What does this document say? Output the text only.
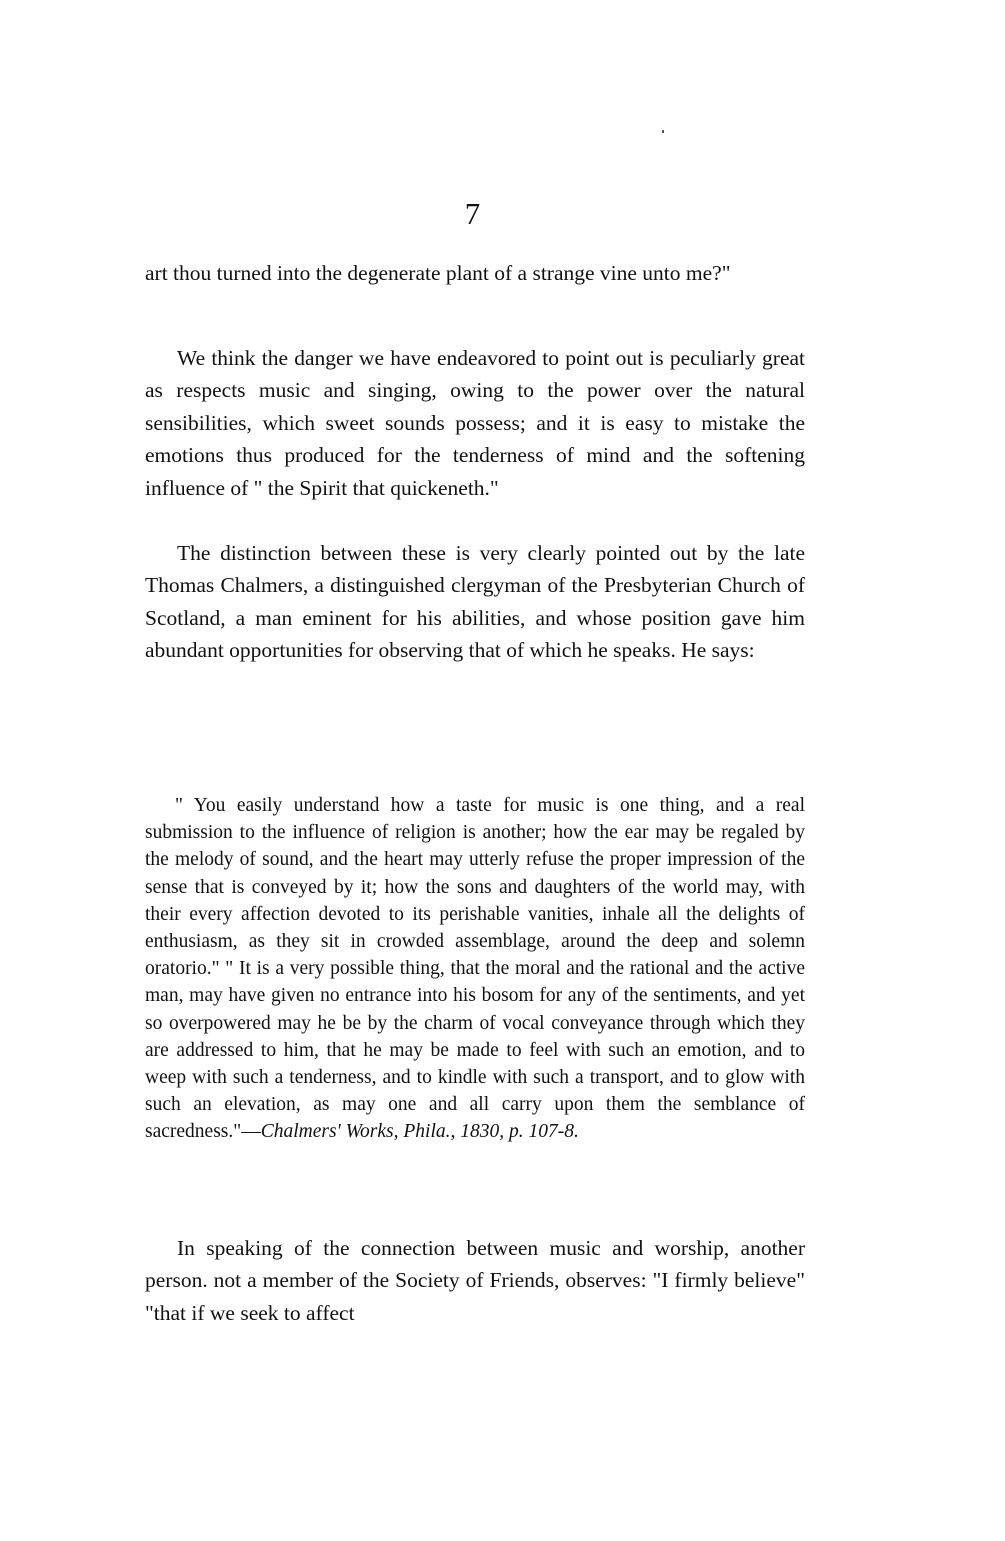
7

art thou turned into the degenerate plant of a strange vine unto me?"

We think the danger we have endeavored to point out is peculiarly great as respects music and singing, owing to the power over the natural sensibilities, which sweet sounds possess; and it is easy to mistake the emotions thus produced for the tenderness of mind and the softening influence of " the Spirit that quickeneth."

The distinction between these is very clearly pointed out by the late Thomas Chalmers, a distinguished clergyman of the Presbyterian Church of Scotland, a man eminent for his abilities, and whose position gave him abundant opportunities for observing that of which he speaks. He says:

" You easily understand how a taste for music is one thing, and a real submission to the influence of religion is another; how the ear may be regaled by the melody of sound, and the heart may utterly refuse the proper impression of the sense that is conveyed by it; how the sons and daughters of the world may, with their every affection devoted to its perishable vanities, inhale all the delights of enthusiasm, as they sit in crowded assemblage, around the deep and solemn oratorio." " It is a very possible thing, that the moral and the rational and the active man, may have given no entrance into his bosom for any of the sentiments, and yet so overpowered may he be by the charm of vocal conveyance through which they are addressed to him, that he may be made to feel with such an emotion, and to weep with such a tenderness, and to kindle with such a transport, and to glow with such an elevation, as may one and all carry upon them the semblance of sacredness."—Chalmers' Works, Phila., 1830, p. 107-8.

In speaking of the connection between music and worship, another person. not a member of the Society of Friends, observes: "I firmly believe" "that if we seek to affect
